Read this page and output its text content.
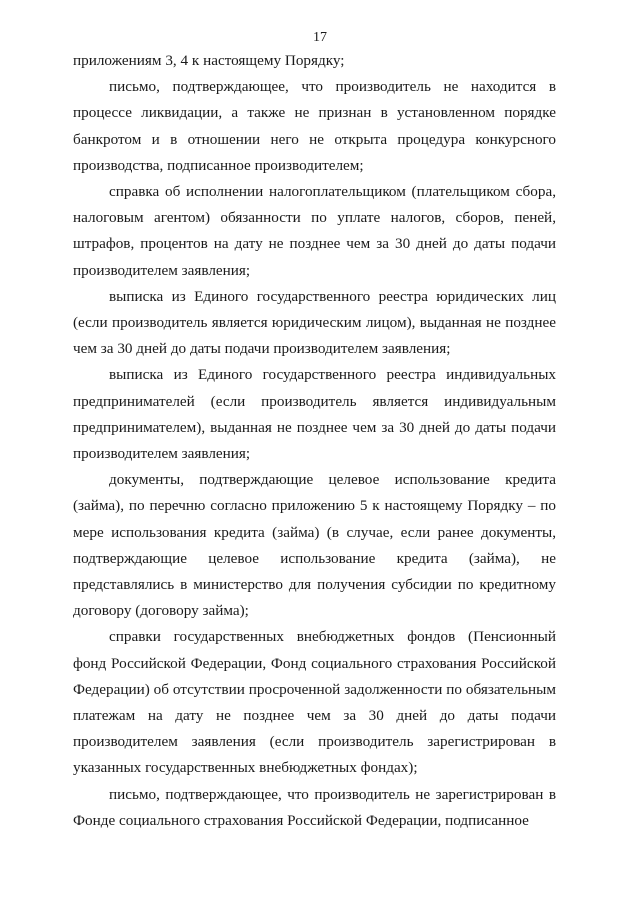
17

приложениям 3, 4 к настоящему Порядку;

письмо, подтверждающее, что производитель не находится в процессе ликвидации, а также не признан в установленном порядке банкротом и в отношении него не открыта процедура конкурсного производства, подписанное производителем;

справка об исполнении налогоплательщиком (плательщиком сбора, налоговым агентом) обязанности по уплате налогов, сборов, пеней, штрафов, процентов на дату не позднее чем за 30 дней до даты подачи производителем заявления;

выписка из Единого государственного реестра юридических лиц (если производитель является юридическим лицом), выданная не позднее чем за 30 дней до даты подачи производителем заявления;

выписка из Единого государственного реестра индивидуальных предпринимателей (если производитель является индивидуальным предпринимателем), выданная не позднее чем за 30 дней до даты подачи производителем заявления;

документы, подтверждающие целевое использование кредита (займа), по перечню согласно приложению 5 к настоящему Порядку – по мере использования кредита (займа) (в случае, если ранее документы, подтверждающие целевое использование кредита (займа), не представлялись в министерство для получения субсидии по кредитному договору (договору займа);

справки государственных внебюджетных фондов (Пенсионный фонд Российской Федерации, Фонд социального страхования Российской Федерации) об отсутствии просроченной задолженности по обязательным платежам на дату не позднее чем за 30 дней до даты подачи производителем заявления (если производитель зарегистрирован в указанных государственных внебюджетных фондах);

письмо, подтверждающее, что производитель не зарегистрирован в Фонде социального страхования Российской Федерации, подписанное
